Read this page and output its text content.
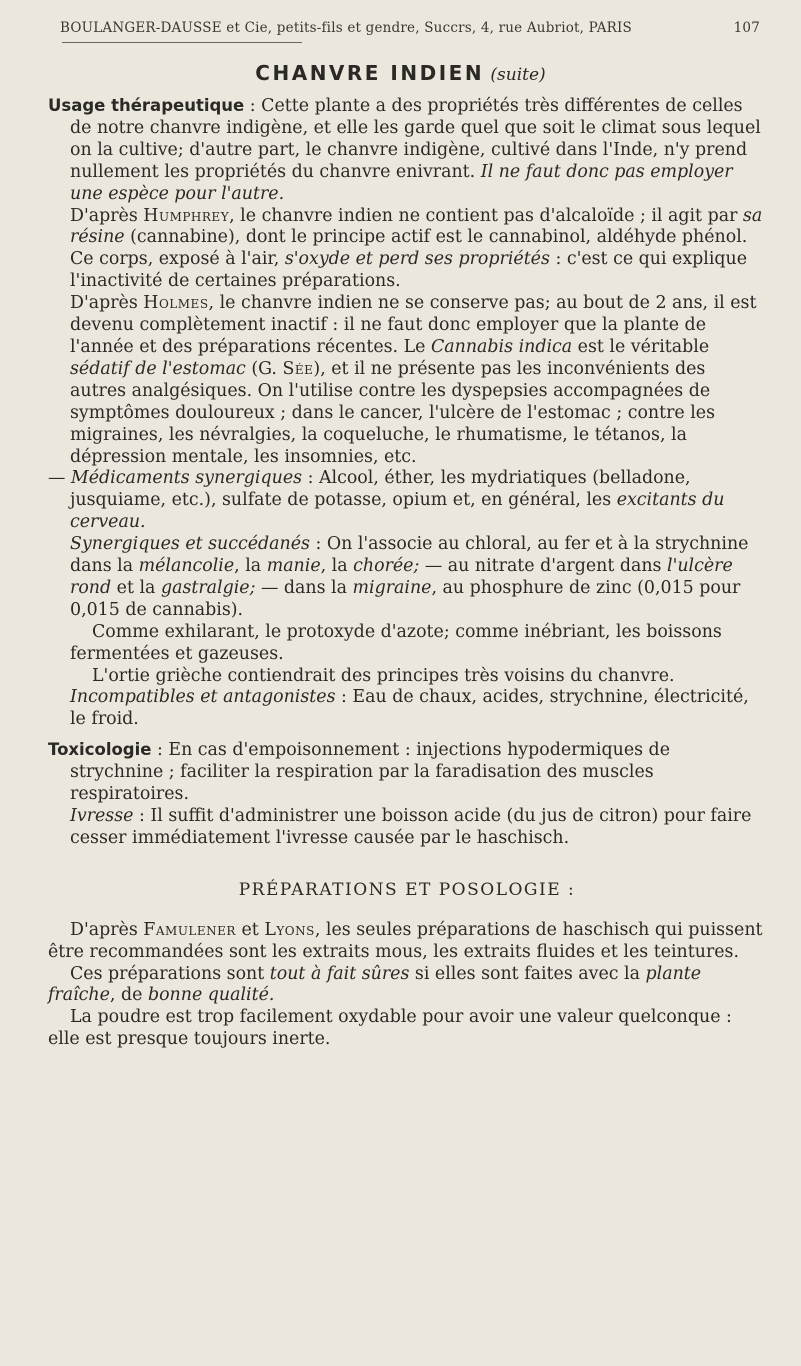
BOULANGER-DAUSSE et Cie, petits-fils et gendre, Succrs, 4, rue Aubriot, PARIS	107
CHANVRE INDIEN (suite)

Usage thérapeutique : Cette plante a des propriétés très différentes de celles de notre chanvre indigène, et elle les garde quel que soit le climat sous lequel on la cultive; d'autre part, le chanvre indigène, cultivé dans l'Inde, n'y prend nullement les propriétés du chanvre enivrant. Il ne faut donc pas employer une espèce pour l'autre.

D'après Humphrey, le chanvre indien ne contient pas d'alcaloïde ; il agit par sa résine (cannabine), dont le principe actif est le cannabinol, aldéhyde phénol.

Ce corps, exposé à l'air, s'oxyde et perd ses propriétés : c'est ce qui explique l'inactivité de certaines préparations.

D'après Holmes, le chanvre indien ne se conserve pas; au bout de 2 ans, il est devenu complètement inactif : il ne faut donc employer que la plante de l'année et des préparations récentes. Le Cannabis indica est le véritable sédatif de l'estomac (G. Sée), et il ne présente pas les inconvénients des autres analgésiques. On l'utilise contre les dyspepsies accompagnées de symptômes douloureux ; dans le cancer, l'ulcère de l'estomac ; contre les migraines, les névralgies, la coqueluche, le rhumatisme, le tétanos, la dépression mentale, les insomnies, etc.

— Médicaments synergiques : Alcool, éther, les mydriatiques (belladone, jusquiame, etc.), sulfate de potasse, opium et, en général, les excitants du cerveau.

Synergiques et succédanés : On l'associe au chloral, au fer et à la strychnine dans la mélancolie, la manie, la chorée; — au nitrate d'argent dans l'ulcère rond et la gastralgie; — dans la migraine, au phosphure de zinc (0,015 pour 0,015 de cannabis).

Comme exhilarant, le protoxyde d'azote; comme inébriant, les boissons fermentées et gazeuses.

L'ortie grièche contiendrait des principes très voisins du chanvre.

Incompatibles et antagonistes : Eau de chaux, acides, strychnine, électricité, le froid.

Toxicologie : En cas d'empoisonnement : injections hypodermiques de strychnine ; faciliter la respiration par la faradisation des muscles respiratoires.

Ivresse : Il suffit d'administrer une boisson acide (du jus de citron) pour faire cesser immédiatement l'ivresse causée par le haschisch.

PRÉPARATIONS ET POSOLOGIE :

D'après Famulener et Lyons, les seules préparations de haschisch qui puissent être recommandées sont les extraits mous, les extraits fluides et les teintures.

Ces préparations sont tout à fait sûres si elles sont faites avec la plante fraîche, de bonne qualité.

La poudre est trop facilement oxydable pour avoir une valeur quelconque : elle est presque toujours inerte.
